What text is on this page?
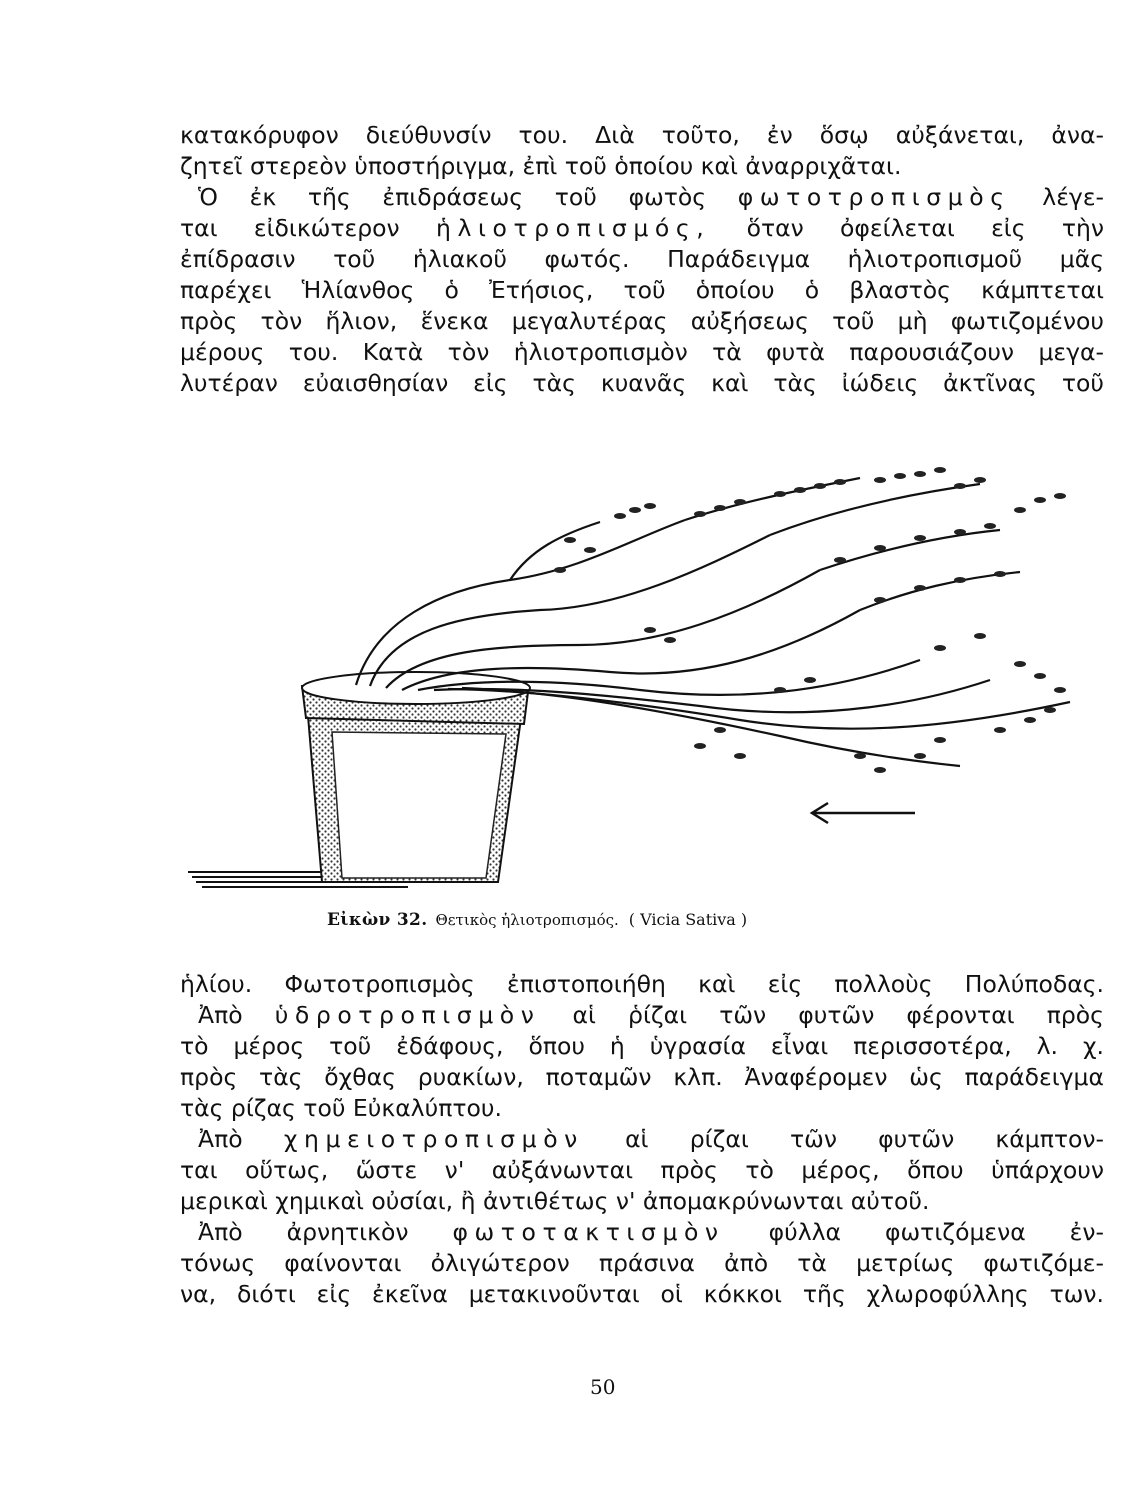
κατακόρυφον διεύθυνσίν του. Διὰ τοῦτο, ἐν ὅσῳ αὐξάνεται, ἀνα-
ζητεῖ στερεὸν ὑποστήριγμα, ἐπὶ τοῦ ὁποίου καὶ ἀναρριχᾶται.
Ὁ ἐκ τῆς ἐπιδράσεως τοῦ φωτὸς φωτοτροπισμὸς λέγε-
ται εἰδικώτερον ἡλιοτροπισμός, ὅταν ὀφείλεται εἰς τὴν
ἐπίδρασιν τοῦ ἡλιακοῦ φωτός. Παράδειγμα ἡλιοτροπισμοῦ μᾶς
παρέχει Ἡλίανθος ὁ Ἐτήσιος, τοῦ ὁποίου ὁ βλαστὸς κάμπτεται
πρὸς τὸν ἥλιον, ἕνεκα μεγαλυτέρας αὐξήσεως τοῦ μὴ φωτιζομένου
μέρους του. Κατὰ τὸν ἡλιοτροπισμὸν τὰ φυτὰ παρουσιάζουν μεγα-
λυτέραν εὐαισθησίαν εἰς τὰς κυανᾶς καὶ τὰς ἰώδεις ἀκτῖνας τοῦ
Εἰκὼν 32. Θετικὸς ἡλιοτροπισμός. ( Vicia Sativa )
ἡλίου. Φωτοτροπισμὸς ἐπιστοποιήθη καὶ εἰς πολλοὺς Πολύποδας.
Ἀπὸ ὑδροτροπισμὸν αἱ ῥίζαι τῶν φυτῶν φέρονται πρὸς
τὸ μέρος τοῦ ἐδάφους, ὅπου ἡ ὑγρασία εἶναι περισσοτέρα, λ. χ.
πρὸς τὰς ὄχθας ρυακίων, ποταμῶν κλπ. Ἀναφέρομεν ὡς παράδειγμα
τὰς ρίζας τοῦ Εὐκαλύπτου.
Ἀπὸ χημειοτροπισμὸν αἱ ρίζαι τῶν φυτῶν κάμπτον-
ται οὕτως, ὥστε ν' αὐξάνωνται πρὸς τὸ μέρος, ὅπου ὑπάρχουν
μερικαὶ χημικαὶ οὐσίαι, ἢ ἀντιθέτως ν' ἀπομακρύνωνται αὐτοῦ.
Ἀπὸ ἀρνητικὸν φωτοτακτισμὸν φύλλα φωτιζόμενα ἐν-
τόνως φαίνονται ὀλιγώτερον πράσινα ἀπὸ τὰ μετρίως φωτιζόμε-
να, διότι εἰς ἐκεῖνα μετακινοῦνται οἱ κόκκοι τῆς χλωροφύλλης των.
50
